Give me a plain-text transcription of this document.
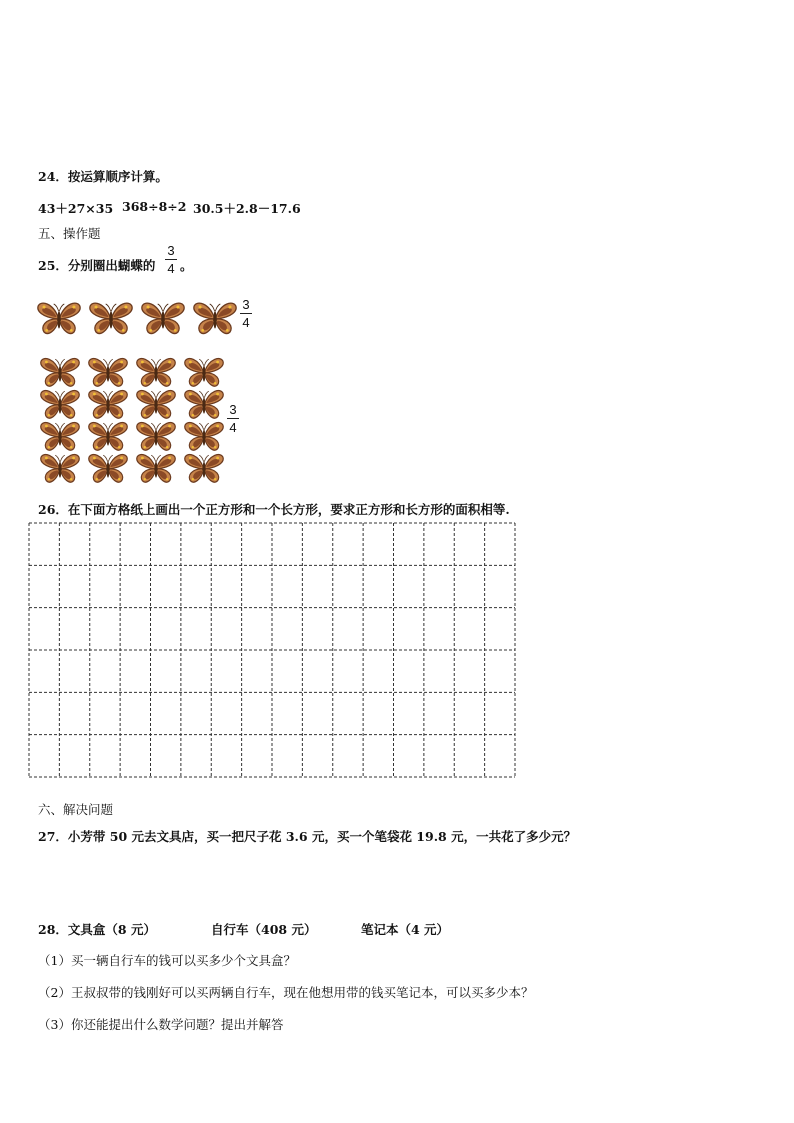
24．按运算顺序计算。
43＋27×35 368÷8÷2 30.5＋2.8－17.6
五、操作题
25．分别圈出蝴蝶的
3
4 。
3
4
3
4
26．在下面方格纸上画出一个正方形和一个长方形，要求正方形和长方形的面积相等.
六、解决问题
27．小芳带 50 元去文具店，买一把尺子花 3.6 元，买一个笔袋花 19.8 元，一共花了多少元？
28．文具盒（8 元）	自行车（408 元）	笔记本（4 元）
（1）买一辆自行车的钱可以买多少个文具盒？
（2）王叔叔带的钱刚好可以买两辆自行车，现在他想用带的钱买笔记本，可以买多少本？
（3）你还能提出什么数学问题？提出并解答
